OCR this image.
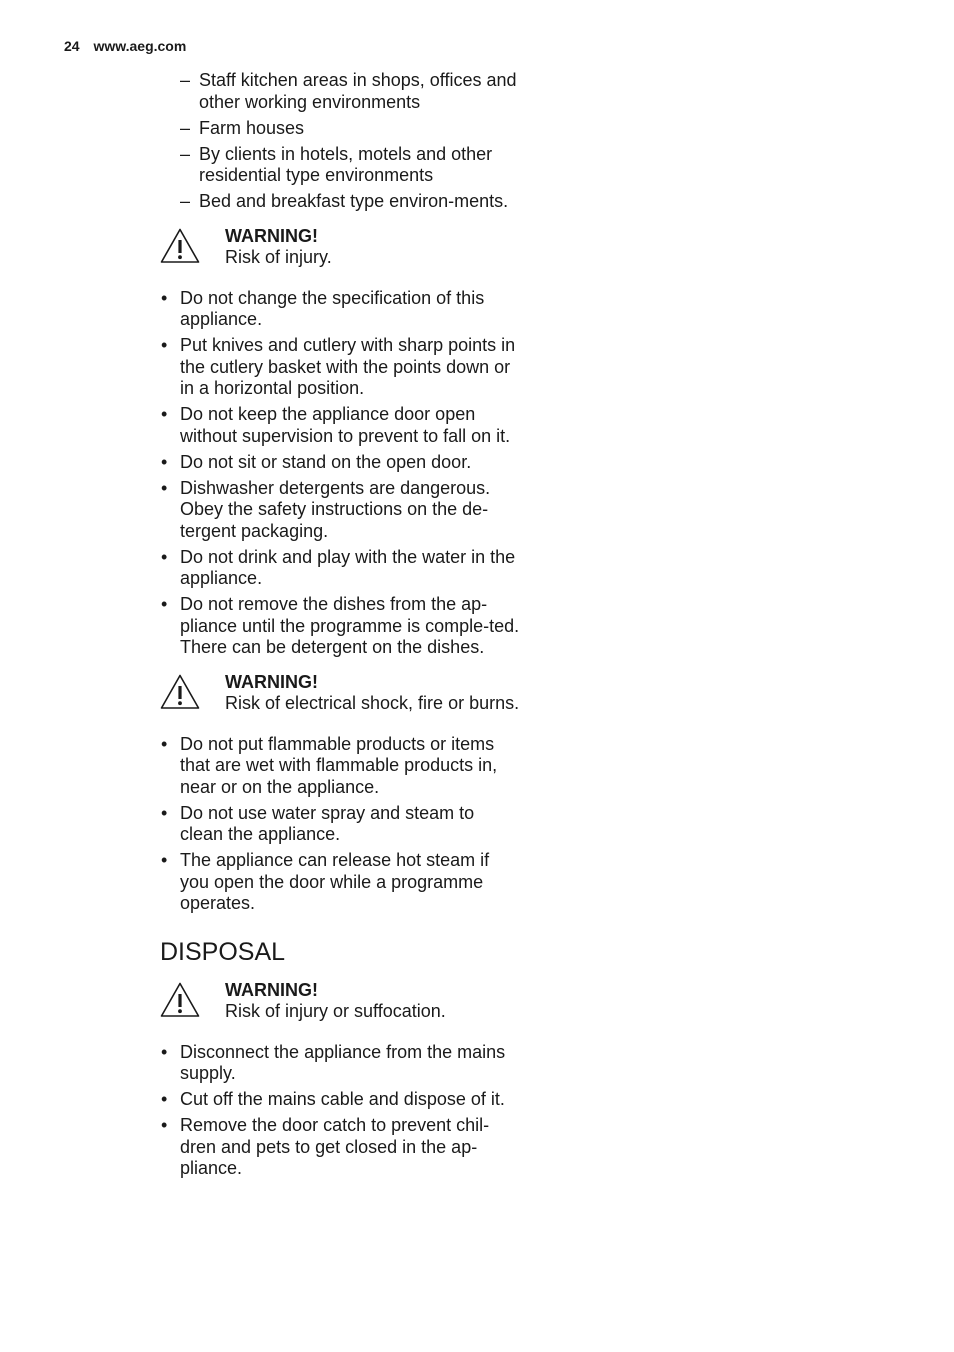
24 www.aeg.com
– Staff kitchen areas in shops, offices and other working environments
– Farm houses
– By clients in hotels, motels and other residential type environments
– Bed and breakfast type environ-ments.
WARNING!
Risk of injury.
• Do not change the specification of this appliance.
• Put knives and cutlery with sharp points in the cutlery basket with the points down or in a horizontal position.
• Do not keep the appliance door open without supervision to prevent to fall on it.
• Do not sit or stand on the open door.
• Dishwasher detergents are dangerous. Obey the safety instructions on the de-tergent packaging.
• Do not drink and play with the water in the appliance.
• Do not remove the dishes from the ap-pliance until the programme is comple-ted. There can be detergent on the dishes.
WARNING!
Risk of electrical shock, fire or burns.
• Do not put flammable products or items that are wet with flammable products in, near or on the appliance.
• Do not use water spray and steam to clean the appliance.
• The appliance can release hot steam if you open the door while a programme operates.
DISPOSAL
WARNING!
Risk of injury or suffocation.
• Disconnect the appliance from the mains supply.
• Cut off the mains cable and dispose of it.
• Remove the door catch to prevent chil-dren and pets to get closed in the ap-pliance.
